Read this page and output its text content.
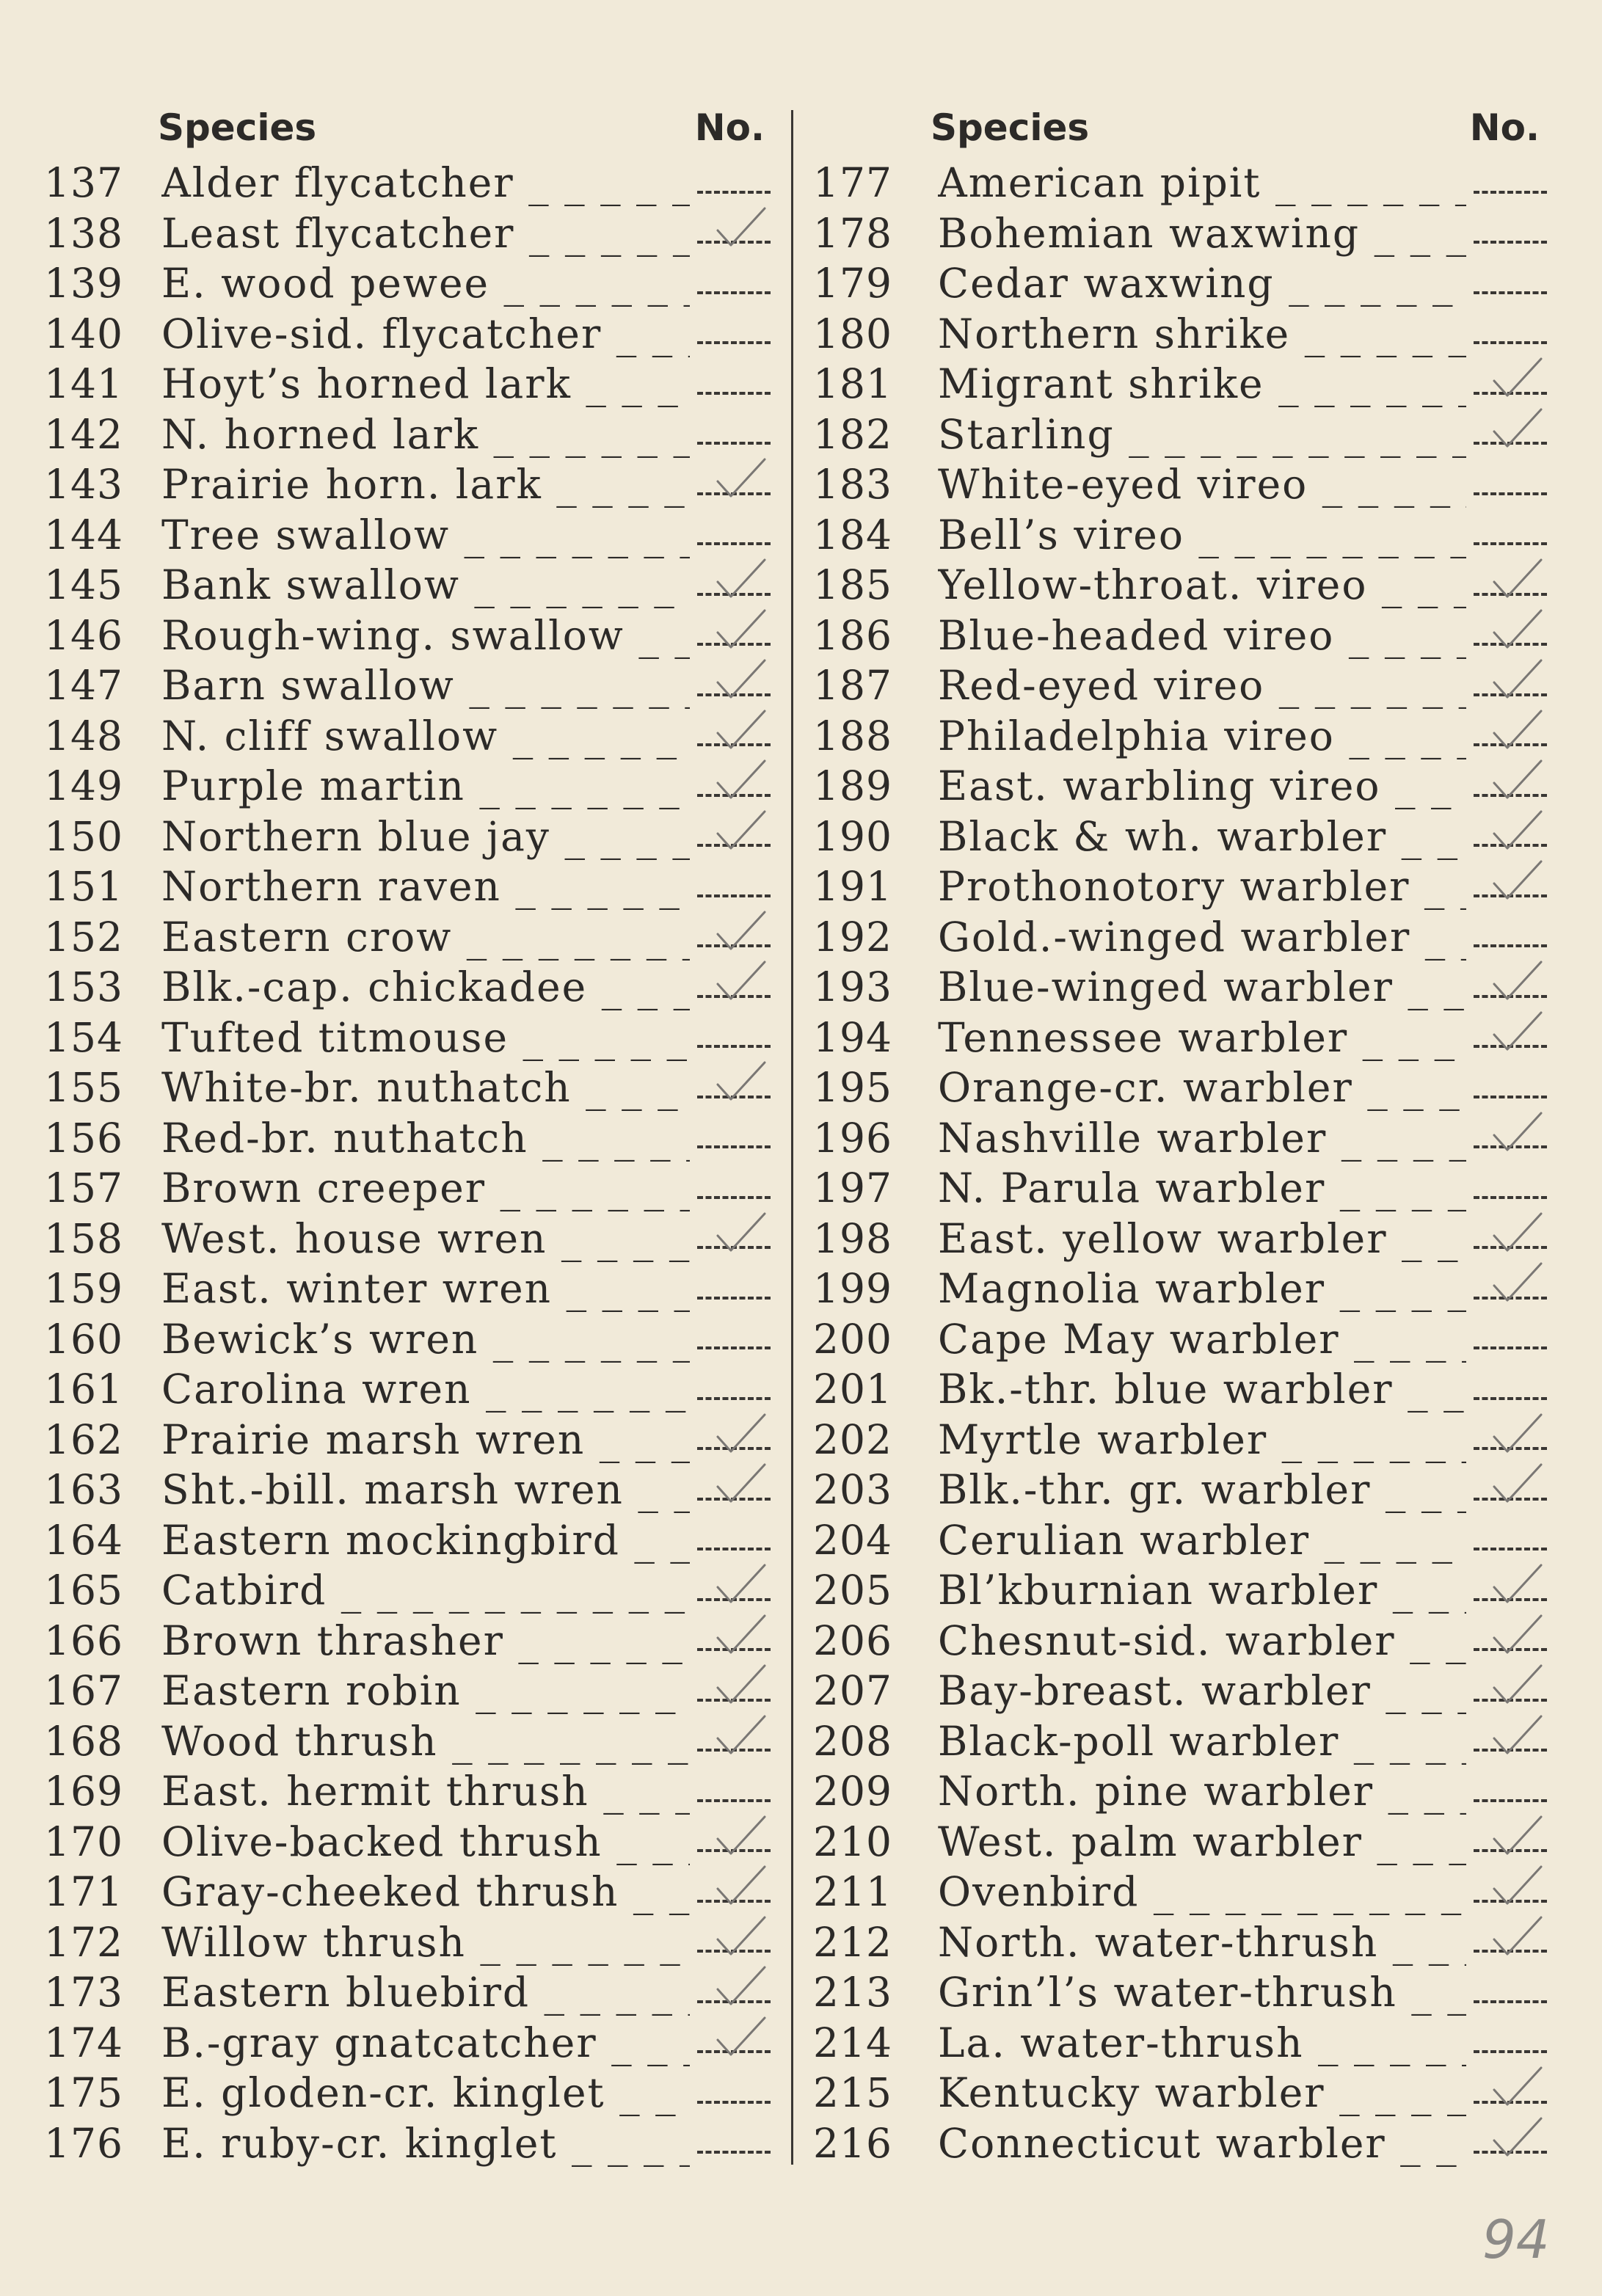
Species	No.
137 Alder flycatcher _ _ _
138 Least flycatcher _ _ _
139 E. wood pewee _ _ _
140 Olive-sid. flycatcher _ _ _
141 Hoyt’s horned lark _ _ _
142 N. horned lark _ _ _
143 Prairie horn. lark _ _ _
144 Tree swallow _ _ _
145 Bank swallow _ _ _
146 Rough-wing. swallow _ _ _
147 Barn swallow _ _ _
148 N. cliff swallow _ _ _
149 Purple martin _ _ _
150 Northern blue jay _ _ _
151 Northern raven _ _ _
152 Eastern crow _ _ _
153 Blk.-cap. chickadee _ _ _
154 Tufted titmouse _ _ _
155 White-br. nuthatch _ _ _
156 Red-br. nuthatch _ _ _
157 Brown creeper _ _ _
158 West. house wren _ _ _
159 East. winter wren _ _ _
160 Bewick’s wren _ _ _
161 Carolina wren _ _ _
162 Prairie marsh wren _ _ _
163 Sht.-bill. marsh wren _ _ _
164 Eastern mockingbird _ _ _
165 Catbird _ _ _
166 Brown thrasher _ _ _
167 Eastern robin _ _ _
168 Wood thrush _ _ _
169 East. hermit thrush _ _ _
170 Olive-backed thrush _ _ _
171 Gray-cheeked thrush _ _ _
172 Willow thrush _ _ _
173 Eastern bluebird _ _ _
174 B.-gray gnatcatcher _ _ _
175 E. gloden-cr. kinglet _ _ _
176 E. ruby-cr. kinglet _ _ _
Species	No.
177	American pipit _ _ _
178	Bohemian waxwing _ _ _
179	Cedar waxwing _ _ _
180	Northern shrike _ _ _
181	Migrant shrike _ _ _
182	Starling _ _ _
183	White-eyed vireo _ _ _
184	Bell’s vireo _ _ _
185	Yellow-throat. vireo _ _ _
186	Blue-headed vireo _ _ _
187	Red-eyed vireo _ _ _
188	Philadelphia vireo _ _ _
189	East. warbling vireo _ _ _
190	Black & wh. warbler _ _ _
191	Prothonotory warbler _ _ _
192	Gold.-winged warbler _ _ _
193	Blue-winged warbler _ _ _
194	Tennessee warbler _ _ _
195	Orange-cr. warbler _ _ _
196	Nashville warbler _ _ _
197	N. Parula warbler _ _ _
198	East. yellow warbler _ _ _
199	Magnolia warbler _ _ _
200	Cape May warbler _ _ _
201	Bk.-thr. blue warbler _ _ _
202	Myrtle warbler _ _ _
203	Blk.-thr. gr. warbler _ _ _
204	Cerulian warbler _ _ _
205	Bl’kburnian warbler _ _ _
206	Chesnut-sid. warbler _ _ _
207	Bay-breast. warbler _ _ _
208	Black-poll warbler _ _ _
209	North. pine warbler _ _ _
210	West. palm warbler _ _ _
211	Ovenbird _ _ _
212	North. water-thrush _ _ _
213	Grin’l’s water-thrush _ _ _
214	La. water-thrush _ _ _
215	Kentucky warbler _ _ _
216	Connecticut warbler _ _ _
94
